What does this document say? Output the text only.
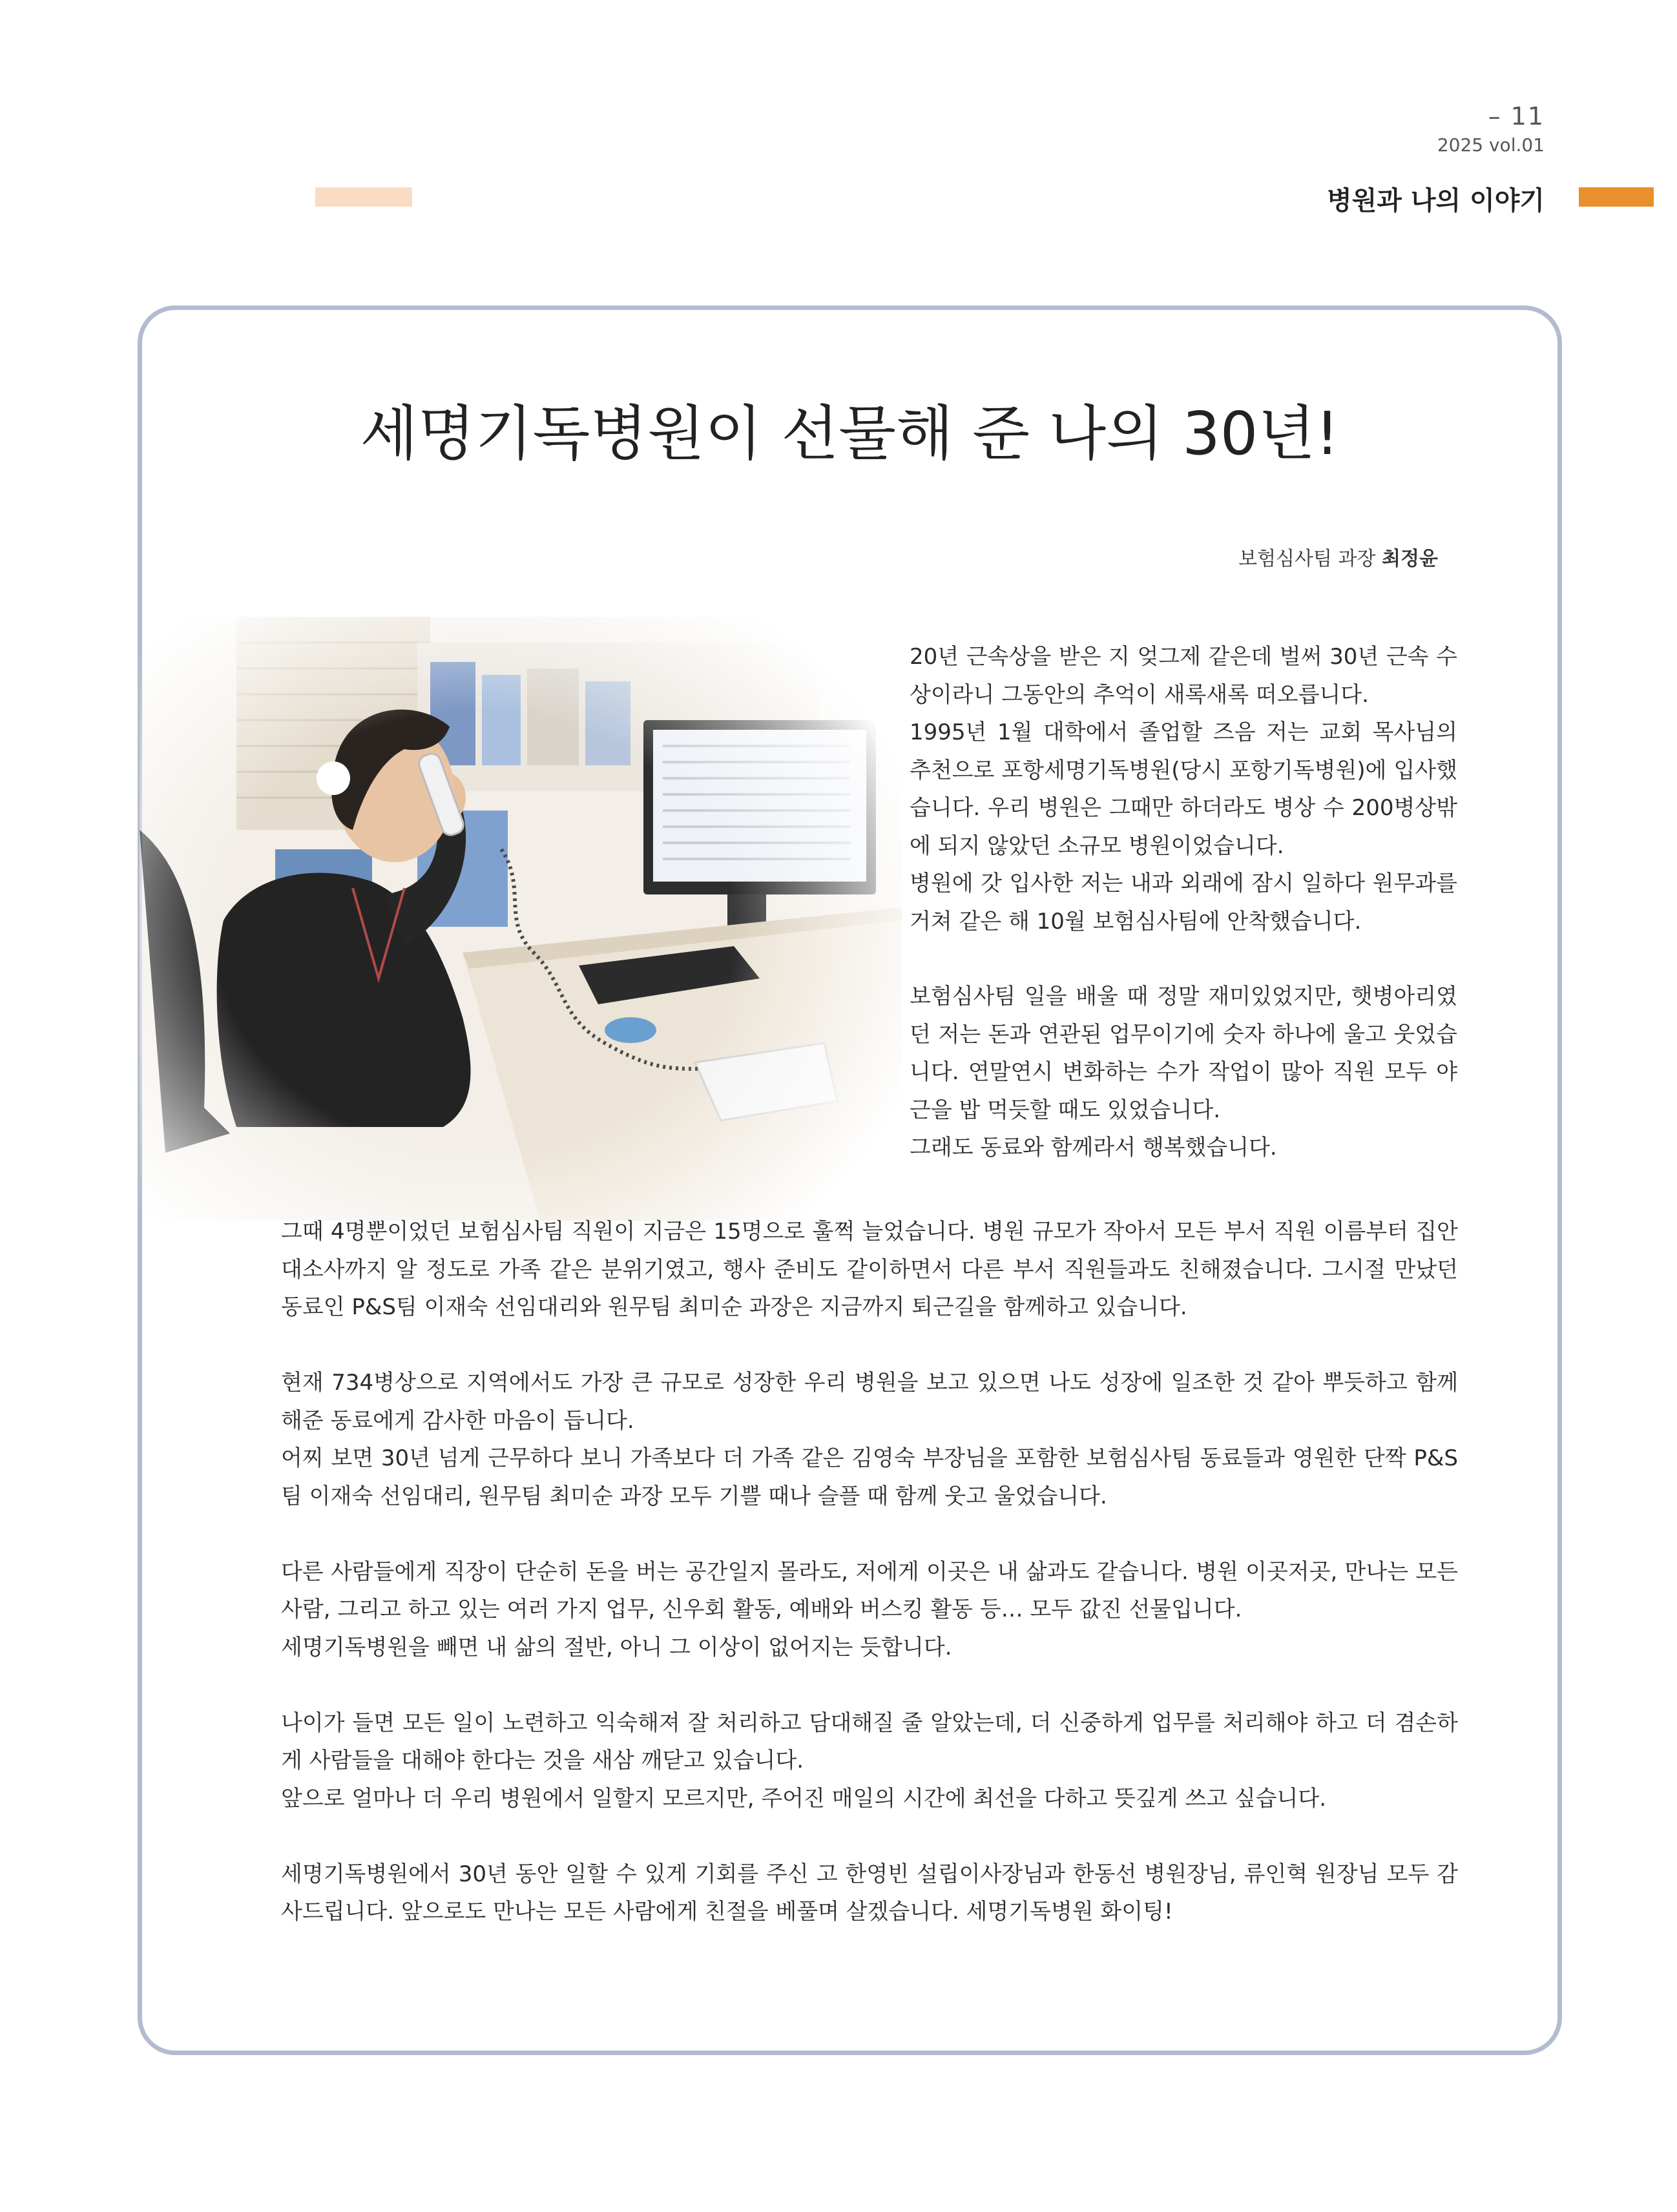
– 11
2025 vol.01
병원과 나의 이야기
세명기독병원이 선물해 준 나의 30년!
보험심사팀 과장 최정윤

20년 근속상을 받은 지 엊그제 같은데 벌써 30년 근속 수상이라니 그동안의 추억이 새록새록 떠오릅니다.

1995년 1월 대학에서 졸업할 즈음 저는 교회 목사님의 추천으로 포항세명기독병원(당시 포항기독병원)에 입사했습니다. 우리 병원은 그때만 하더라도 병상 수 200병상밖에 되지 않았던 소규모 병원이었습니다.

병원에 갓 입사한 저는 내과 외래에 잠시 일하다 원무과를 거쳐 같은 해 10월 보험심사팀에 안착했습니다.

보험심사팀 일을 배울 때 정말 재미있었지만, 햇병아리였던 저는 돈과 연관된 업무이기에 숫자 하나에 울고 웃었습니다. 연말연시 변화하는 수가 작업이 많아 직원 모두 야근을 밥 먹듯할 때도 있었습니다.

그래도 동료와 함께라서 행복했습니다.

그때 4명뿐이었던 보험심사팀 직원이 지금은 15명으로 훌쩍 늘었습니다. 병원 규모가 작아서 모든 부서 직원 이름부터 집안 대소사까지 알 정도로 가족 같은 분위기였고, 행사 준비도 같이하면서 다른 부서 직원들과도 친해졌습니다. 그시절 만났던 동료인 P&S팀 이재숙 선임대리와 원무팀 최미순 과장은 지금까지 퇴근길을 함께하고 있습니다.

현재 734병상으로 지역에서도 가장 큰 규모로 성장한 우리 병원을 보고 있으면 나도 성장에 일조한 것 같아 뿌듯하고 함께 해준 동료에게 감사한 마음이 듭니다.

어찌 보면 30년 넘게 근무하다 보니 가족보다 더 가족 같은 김영숙 부장님을 포함한 보험심사팀 동료들과 영원한 단짝 P&S팀 이재숙 선임대리, 원무팀 최미순 과장 모두 기쁠 때나 슬플 때 함께 웃고 울었습니다.

다른 사람들에게 직장이 단순히 돈을 버는 공간일지 몰라도, 저에게 이곳은 내 삶과도 같습니다. 병원 이곳저곳, 만나는 모든 사람, 그리고 하고 있는 여러 가지 업무, 신우회 활동, 예배와 버스킹 활동 등… 모두 값진 선물입니다.

세명기독병원을 빼면 내 삶의 절반, 아니 그 이상이 없어지는 듯합니다.

나이가 들면 모든 일이 노련하고 익숙해져 잘 처리하고 담대해질 줄 알았는데, 더 신중하게 업무를 처리해야 하고 더 겸손하게 사람들을 대해야 한다는 것을 새삼 깨닫고 있습니다.

앞으로 얼마나 더 우리 병원에서 일할지 모르지만, 주어진 매일의 시간에 최선을 다하고 뜻깊게 쓰고 싶습니다.

세명기독병원에서 30년 동안 일할 수 있게 기회를 주신 고 한영빈 설립이사장님과 한동선 병원장님, 류인혁 원장님 모두 감사드립니다. 앞으로도 만나는 모든 사람에게 친절을 베풀며 살겠습니다. 세명기독병원 화이팅!
